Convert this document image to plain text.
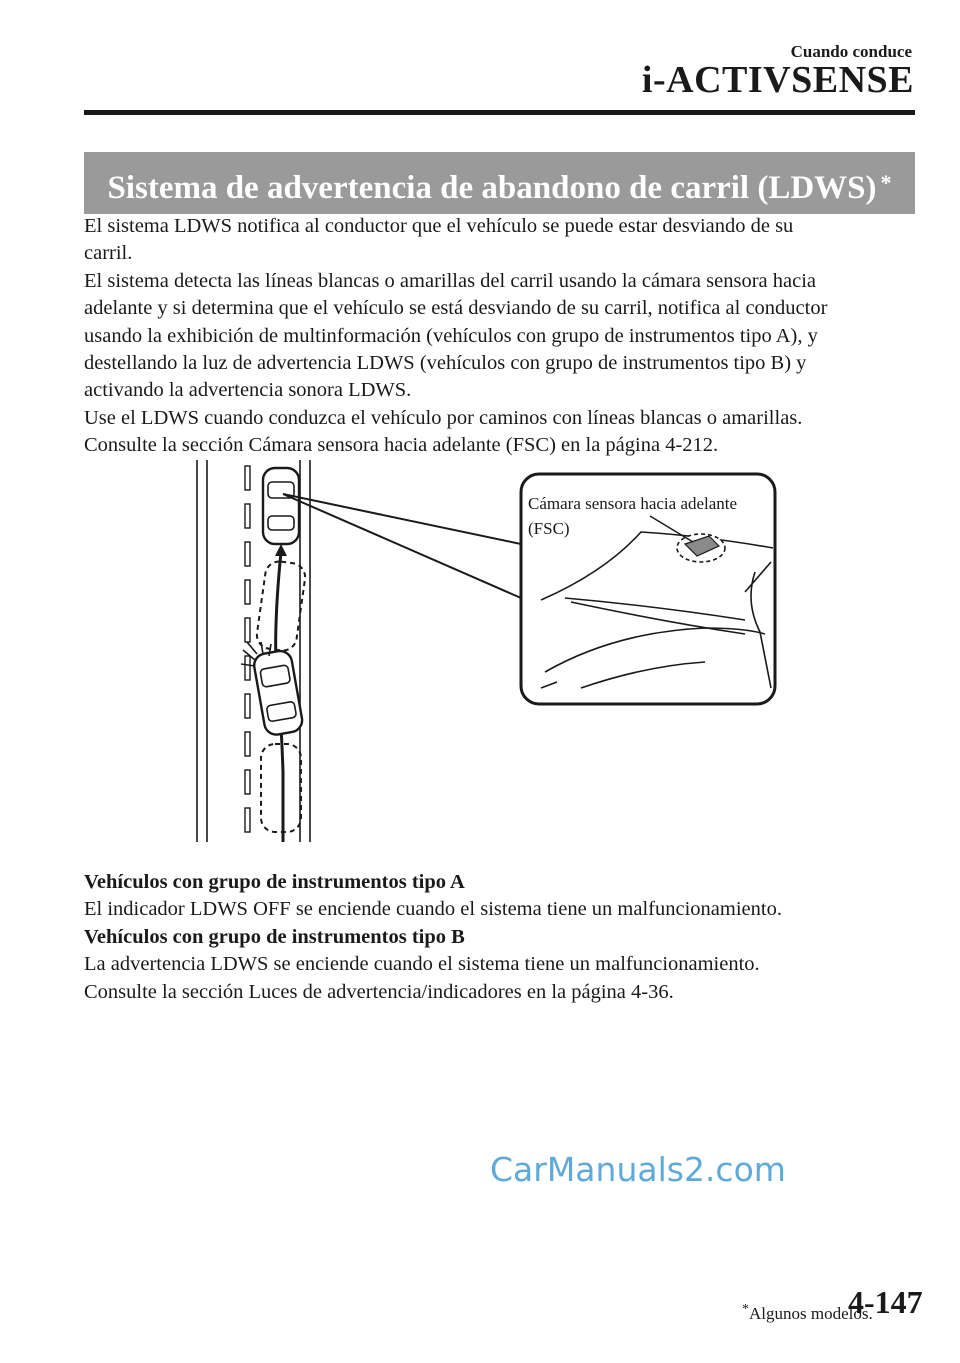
Cuando conduce
i-ACTIVSENSE
Sistema de advertencia de abandono de carril (LDWS) *
El sistema LDWS notifica al conductor que el vehículo se puede estar desviando de su
carril.
El sistema detecta las líneas blancas o amarillas del carril usando la cámara sensora hacia
adelante y si determina que el vehículo se está desviando de su carril, notifica al conductor
usando la exhibición de multinformación (vehículos con grupo de instrumentos tipo A), y
destellando la luz de advertencia LDWS (vehículos con grupo de instrumentos tipo B) y
activando la advertencia sonora LDWS.
Use el LDWS cuando conduzca el vehículo por caminos con líneas blancas o amarillas.
Consulte la sección Cámara sensora hacia adelante (FSC) en la página 4-212.
Cámara sensora hacia adelante
(FSC)
Vehículos con grupo de instrumentos tipo A
El indicador LDWS OFF se enciende cuando el sistema tiene un malfuncionamiento.
Vehículos con grupo de instrumentos tipo B
La advertencia LDWS se enciende cuando el sistema tiene un malfuncionamiento.
Consulte la sección Luces de advertencia/indicadores en la página 4-36.
CarManuals2.com
*Algunos modelos.
4-147
